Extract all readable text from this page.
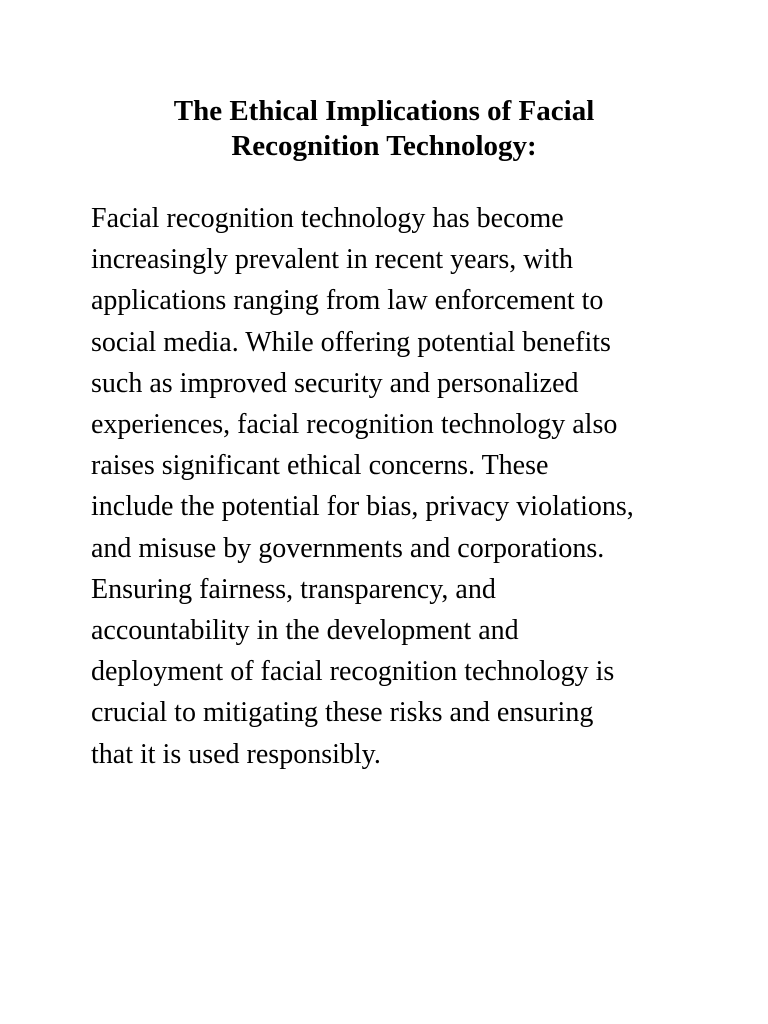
The Ethical Implications of Facial
Recognition Technology:

Facial recognition technology has become
increasingly prevalent in recent years, with
applications ranging from law enforcement to
social media. While offering potential benefits
such as improved security and personalized
experiences, facial recognition technology also
raises significant ethical concerns. These
include the potential for bias, privacy violations,
and misuse by governments and corporations.
Ensuring fairness, transparency, and
accountability in the development and
deployment of facial recognition technology is
crucial to mitigating these risks and ensuring
that it is used responsibly.
